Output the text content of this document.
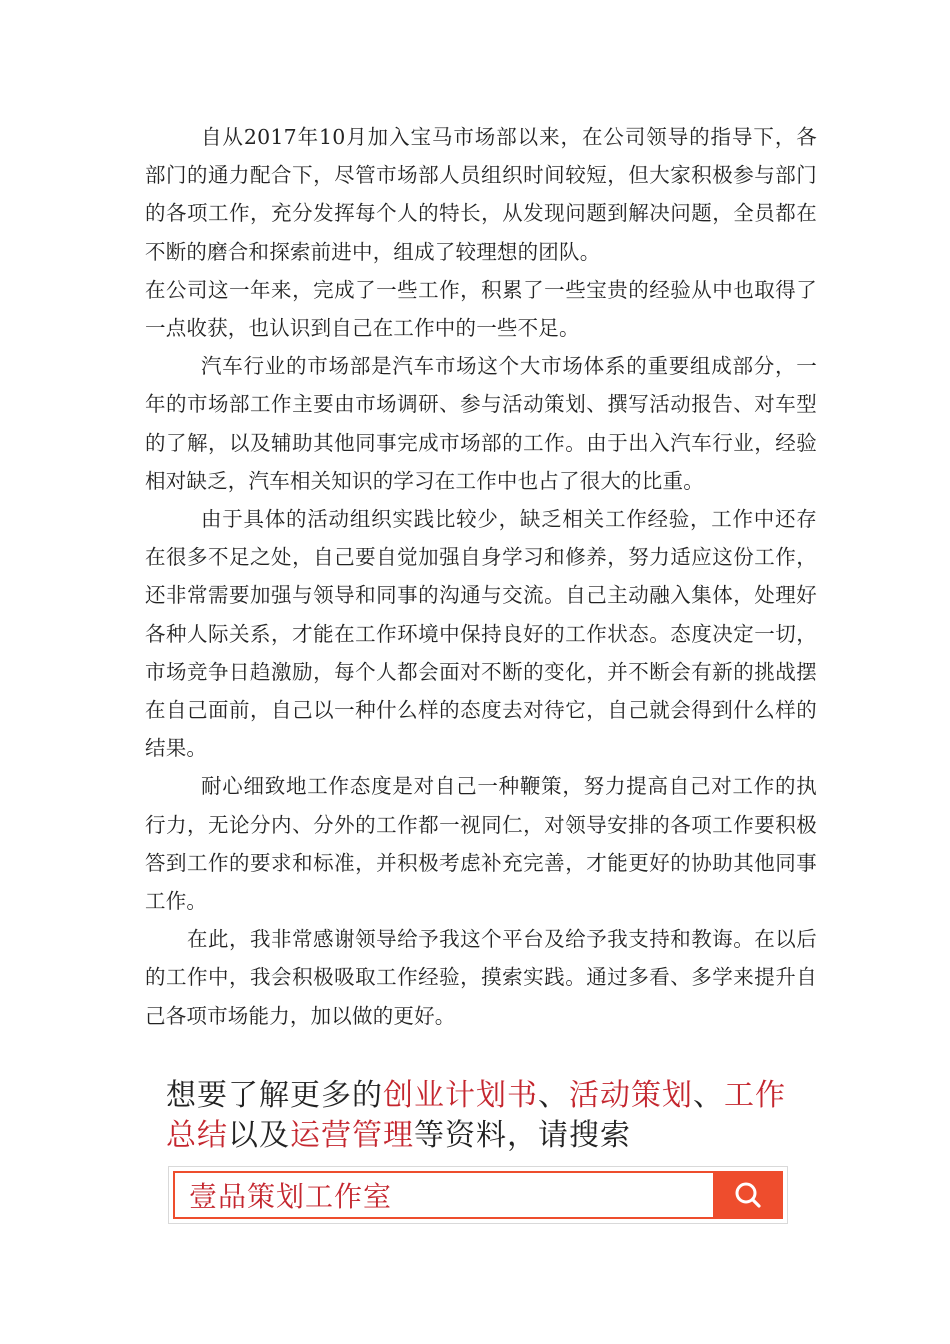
自从2017年10月加入宝马市场部以来，在公司领导的指导下，各部门的通力配合下，尽管市场部人员组织时间较短，但大家积极参与部门的各项工作，充分发挥每个人的特长，从发现问题到解决问题，全员都在不断的磨合和探索前进中，组成了较理想的团队。

在公司这一年来，完成了一些工作，积累了一些宝贵的经验从中也取得了一点收获，也认识到自己在工作中的一些不足。

汽车行业的市场部是汽车市场这个大市场体系的重要组成部分，一年的市场部工作主要由市场调研、参与活动策划、撰写活动报告、对车型的了解，以及辅助其他同事完成市场部的工作。由于出入汽车行业，经验相对缺乏，汽车相关知识的学习在工作中也占了很大的比重。

由于具体的活动组织实践比较少，缺乏相关工作经验，工作中还存在很多不足之处，自己要自觉加强自身学习和修养，努力适应这份工作，还非常需要加强与领导和同事的沟通与交流。自己主动融入集体，处理好各种人际关系，才能在工作环境中保持良好的工作状态。态度决定一切，市场竞争日趋激励，每个人都会面对不断的变化，并不断会有新的挑战摆在自己面前，自己以一种什么样的态度去对待它，自己就会得到什么样的结果。

耐心细致地工作态度是对自己一种鞭策，努力提高自己对工作的执行力，无论分内、分外的工作都一视同仁，对领导安排的各项工作要积极答到工作的要求和标准，并积极考虑补充完善，才能更好的协助其他同事工作。

在此，我非常感谢领导给予我这个平台及给予我支持和教诲。在以后的工作中，我会积极吸取工作经验，摸索实践。通过多看、多学来提升自己各项市场能力，加以做的更好。

想要了解更多的创业计划书、活动策划、工作总结以及运营管理等资料，请搜索
壹品策划工作室
